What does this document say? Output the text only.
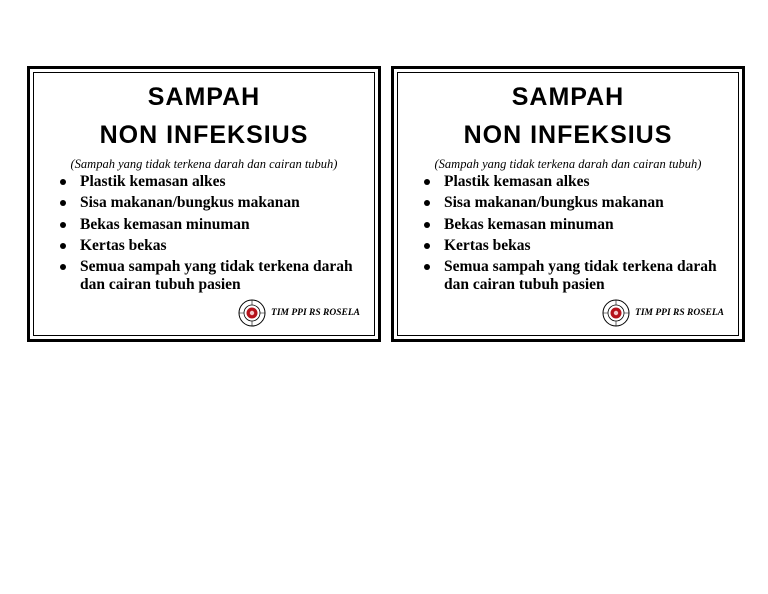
SAMPAH
NON INFEKSIUS
(Sampah yang tidak terkena darah dan cairan tubuh)
Plastik kemasan alkes
Sisa makanan/bungkus makanan
Bekas kemasan minuman
Kertas bekas
Semua sampah yang tidak terkena darah dan cairan tubuh pasien
TIM PPI RS ROSELA
SAMPAH
NON INFEKSIUS
(Sampah yang tidak terkena darah dan cairan tubuh)
Plastik kemasan alkes
Sisa makanan/bungkus makanan
Bekas kemasan minuman
Kertas bekas
Semua sampah yang tidak terkena darah dan cairan tubuh pasien
TIM PPI RS ROSELA
